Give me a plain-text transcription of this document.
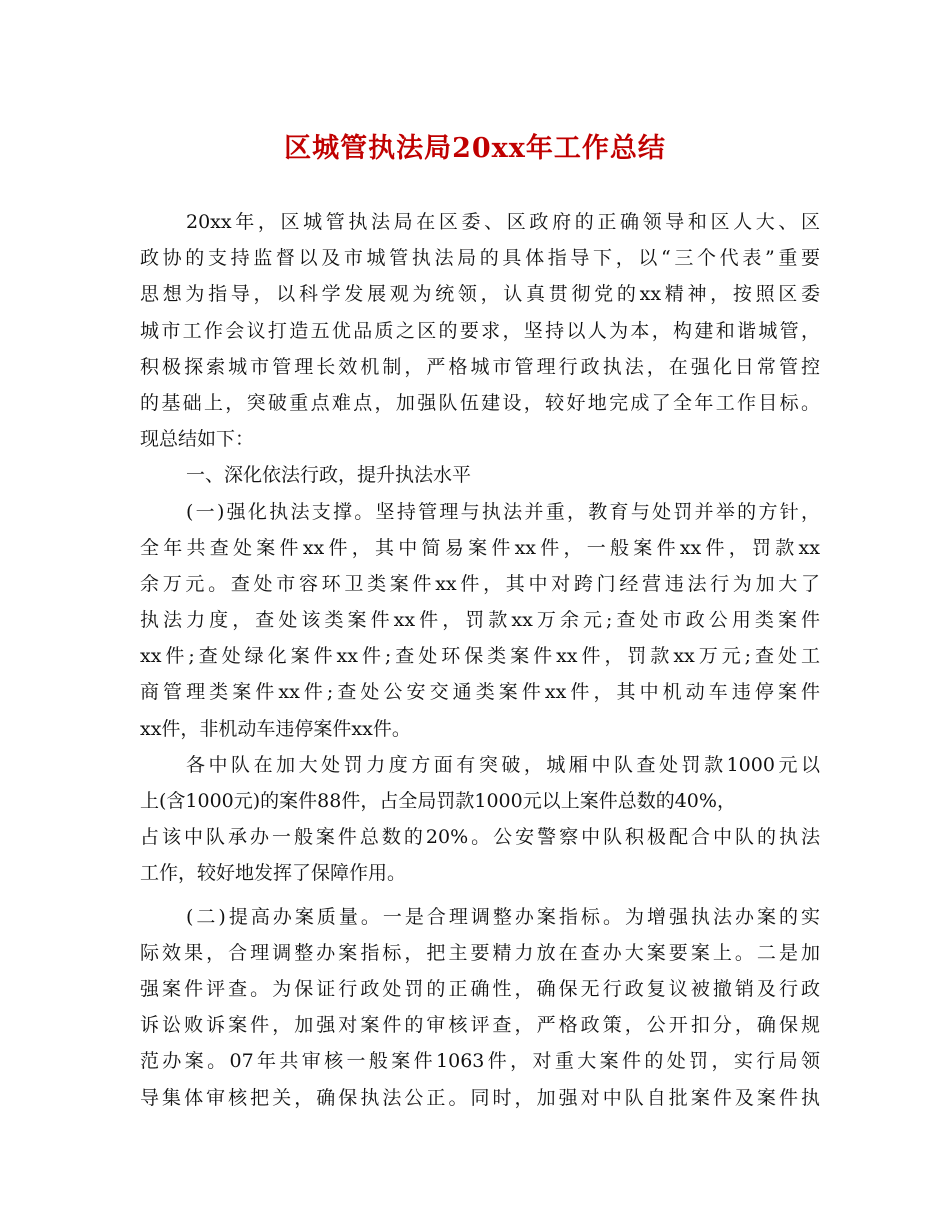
区城管执法局20xx年工作总结
20xx年，区城管执法局在区委、区政府的正确领导和区人大、区
政协的支持监督以及市城管执法局的具体指导下，以“三个代表”重要
思想为指导，以科学发展观为统领，认真贯彻党的xx精神，按照区委
城市工作会议打造五优品质之区的要求，坚持以人为本，构建和谐城管，
积极探索城市管理长效机制，严格城市管理行政执法，在强化日常管控
的基础上，突破重点难点，加强队伍建设，较好地完成了全年工作目标。
现总结如下：
一、深化依法行政，提升执法水平
(一)强化执法支撑。坚持管理与执法并重，教育与处罚并举的方针，
全年共查处案件xx件，其中简易案件xx件，一般案件xx件，罚款xx
余万元。查处市容环卫类案件xx件，其中对跨门经营违法行为加大了
执法力度，查处该类案件xx件，罚款xx万余元;查处市政公用类案件
xx件;查处绿化案件xx件;查处环保类案件xx件，罚款xx万元;查处工
商管理类案件xx件;查处公安交通类案件xx件，其中机动车违停案件
xx件，非机动车违停案件xx件。
各中队在加大处罚力度方面有突破，城厢中队查处罚款1000元以
上(含1000元)的案件88件，占全局罚款1000元以上案件总数的40%，
占该中队承办一般案件总数的20%。公安警察中队积极配合中队的执法
工作，较好地发挥了保障作用。
(二)提高办案质量。一是合理调整办案指标。为增强执法办案的实
际效果，合理调整办案指标，把主要精力放在查办大案要案上。二是加
强案件评查。为保证行政处罚的正确性，确保无行政复议被撤销及行政
诉讼败诉案件，加强对案件的审核评查，严格政策，公开扣分，确保规
范办案。07年共审核一般案件1063件，对重大案件的处罚，实行局领
导集体审核把关，确保执法公正。同时，加强对中队自批案件及案件执
